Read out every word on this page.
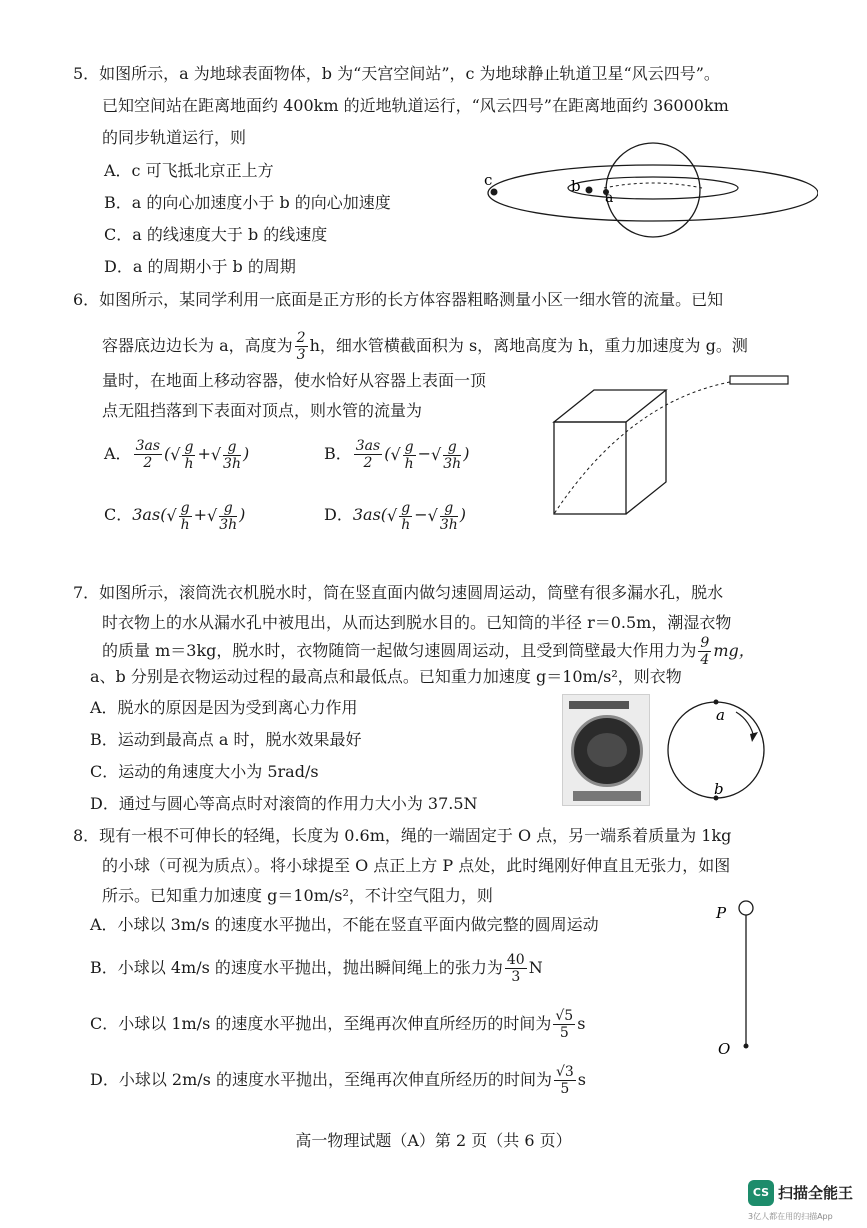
5．如图所示，a 为地球表面物体，b 为“天宫空间站”，c 为地球静止轨道卫星“风云四号”。
已知空间站在距离地面约 400km 的近地轨道运行，“风云四号”在距离地面约 36000km
的同步轨道运行，则
A．c 可飞抵北京正上方
B．a 的向心加速度小于 b 的向心加速度
C．a 的线速度大于 b 的线速度
D．a 的周期小于 b 的周期
c	b
a
6．如图所示，某同学利用一底面是正方形的长方体容器粗略测量小区一细水管的流量。已知
容器底边边长为 a，高度为 $\frac{2}{3}$ h，细水管横截面积为 s，离地高度为 h，重力加速度为 g。测
量时，在地面上移动容器，使水恰好从容器上表面一顶
点无阻挡落到下表面对顶点，则水管的流量为
A． $\frac{3as}{2}$ (√ $\frac{g}{h}$ +√ $\frac{g}{3h}$ )	B． $\frac{3as}{2}$ (√ $\frac{g}{h}$ −√ $\frac{g}{3h}$ )
C．$3as(√ \frac{g}{h}$ +√ $\frac{g}{3h}$ )	D．$3as(√ \frac{g}{h}$ −√ $\frac{g}{3h}$ )
7．如图所示，滚筒洗衣机脱水时，筒在竖直面内做匀速圆周运动，筒壁有很多漏水孔，脱水
时衣物上的水从漏水孔中被甩出，从而达到脱水目的。已知筒的半径 r＝0.5m，潮湿衣物
的质量 m＝3kg，脱水时，衣物随筒一起做匀速圆周运动，且受到筒壁最大作用力为 $\frac{9}{4}$ mg，
a、b 分别是衣物运动过程的最高点和最低点。已知重力加速度 g＝10m/s²，则衣物
A．脱水的原因是因为受到离心力作用
B．运动到最高点 a 时，脱水效果最好
C．运动的角速度大小为 5rad/s
D．通过与圆心等高点时对滚筒的作用力大小为 37.5N
a
b
8．现有一根不可伸长的轻绳，长度为 0.6m，绳的一端固定于 O 点，另一端系着质量为 1kg
的小球（可视为质点）。将小球提至 O 点正上方 P 点处，此时绳刚好伸直且无张力，如图
所示。已知重力加速度 g＝10m/s²，不计空气阻力，则
A．小球以 3m/s 的速度水平抛出，不能在竖直平面内做完整的圆周运动
B．小球以 4m/s 的速度水平抛出，抛出瞬间绳上的张力为 $\frac{40}{3}$ N
C．小球以 1m/s 的速度水平抛出，至绳再次伸直所经历的时间为 $\frac{√5}{5}$ s
D．小球以 2m/s 的速度水平抛出，至绳再次伸直所经历的时间为 $\frac{√3}{5}$ s
P
O
高一物理试题（A）第 2 页（共 6 页）
CS 扫描全能王
3亿人都在用的扫描App
